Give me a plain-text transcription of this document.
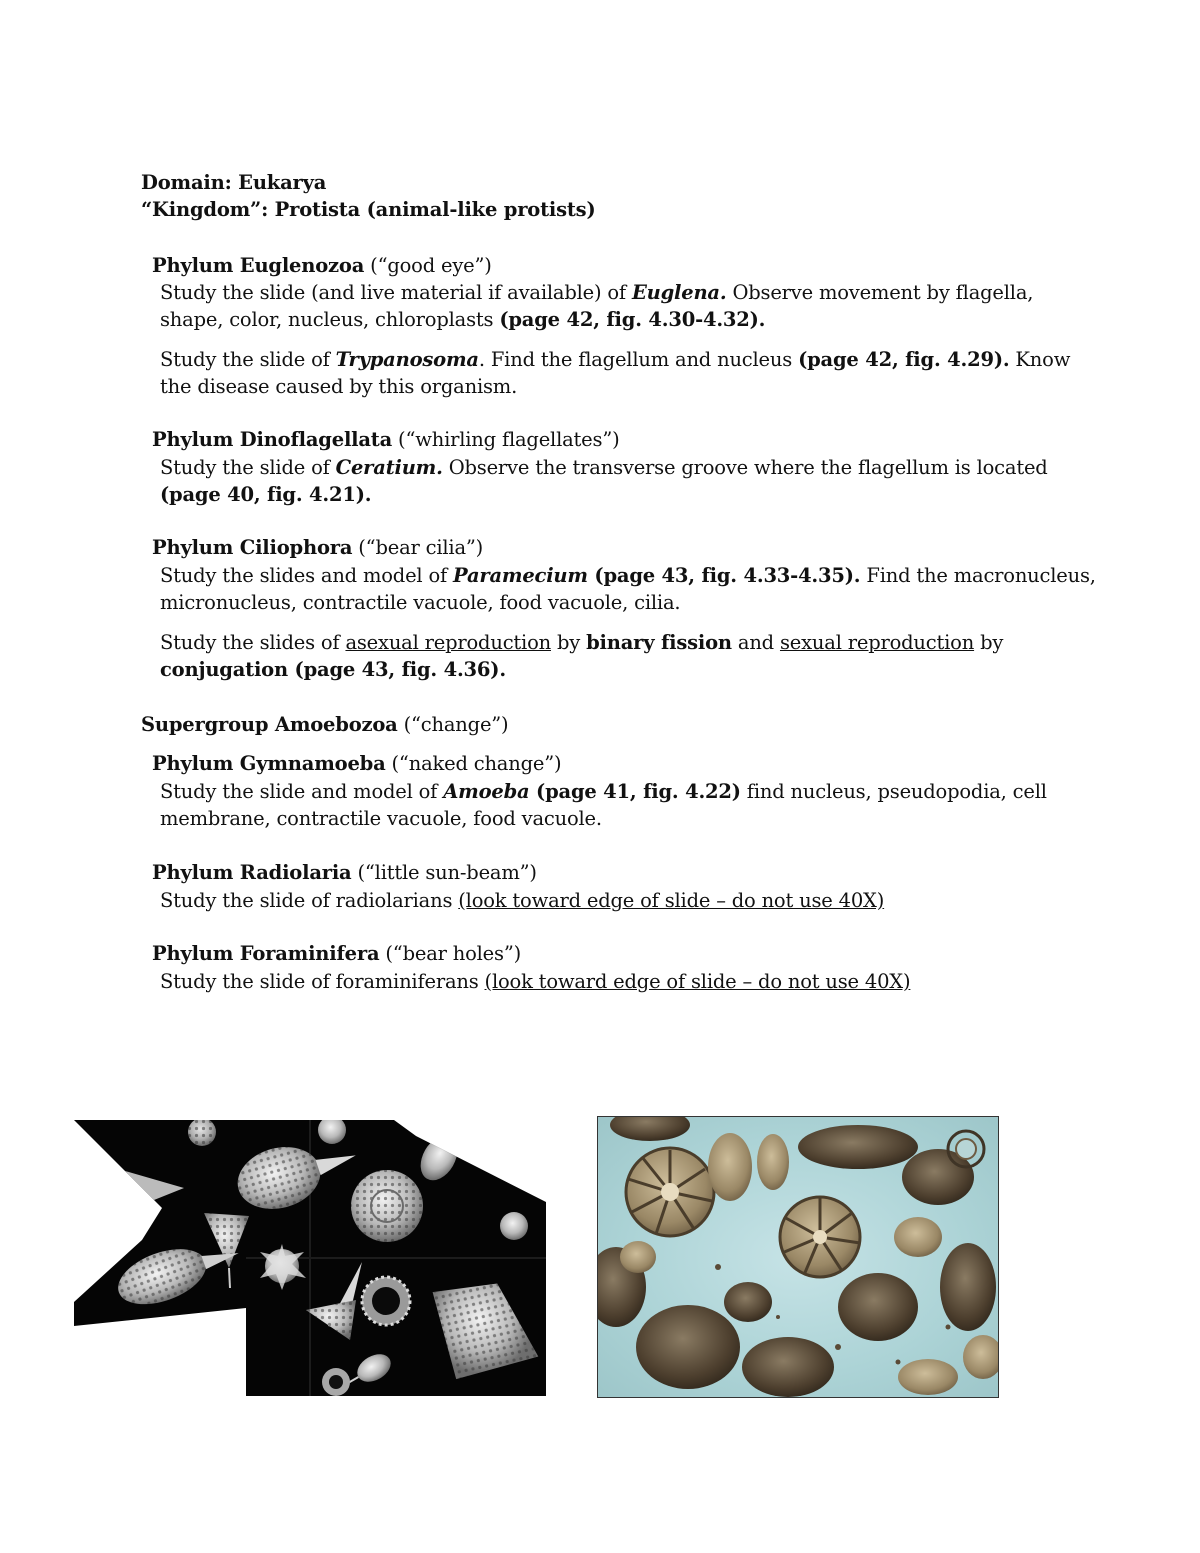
Domain: Eukarya
“Kingdom”: Protista (animal-like protists)
Phylum Euglenozoa (“good eye”)
Study the slide (and live material if available) of Euglena. Observe movement by flagella,
shape, color, nucleus, chloroplasts (page 42, fig. 4.30-4.32).
Study the slide of Trypanosoma. Find the flagellum and nucleus (page 42, fig. 4.29). Know
the disease caused by this organism.
Phylum Dinoflagellata (“whirling flagellates”)
Study the slide of Ceratium. Observe the transverse groove where the flagellum is located
(page 40, fig. 4.21).
Phylum Ciliophora (“bear cilia”)
Study the slides and model of Paramecium (page 43, fig. 4.33-4.35). Find the macronucleus,
micronucleus, contractile vacuole, food vacuole, cilia.
Study the slides of asexual reproduction by binary fission and sexual reproduction by
conjugation (page 43, fig. 4.36).
Supergroup Amoebozoa (“change”)
Phylum Gymnamoeba (“naked change”)
Study the slide and model of Amoeba (page 41, fig. 4.22) find nucleus, pseudopodia, cell
membrane, contractile vacuole, food vacuole.
Phylum Radiolaria (“little sun-beam”)
Study the slide of radiolarians (look toward edge of slide – do not use 40X)
Phylum Foraminifera (“bear holes”)
Study the slide of foraminiferans (look toward edge of slide – do not use 40X)
